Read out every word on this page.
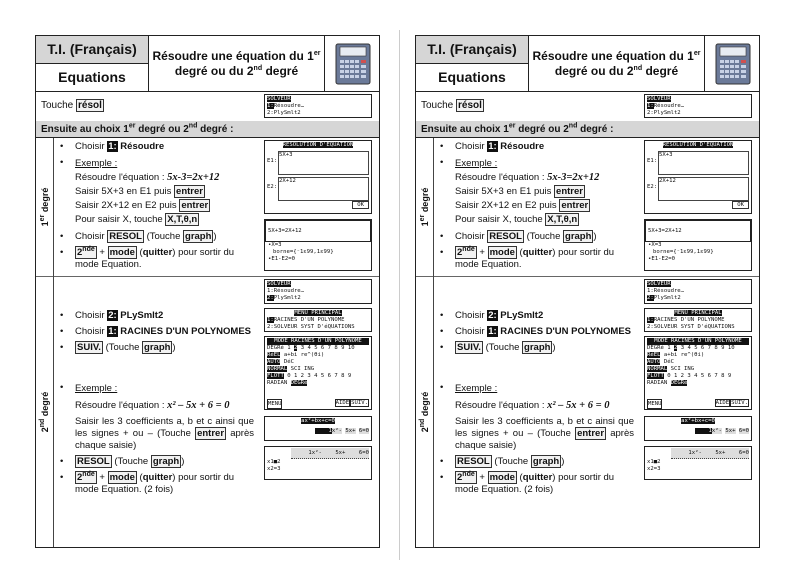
T.I. (Français)
Equations
Résoudre une équation du 1er
degré ou du 2nd degré
Touche résol
SOLVEUR
1:Résoudre…
2:PlySmlt2
Ensuite au choix 1er degré ou 2nd degré :
1er degré
• Choisir 1: Résoudre
• Exemple :
Résoudre l'équation : 5x-3=2x+12
Saisir 5X+3 en E1 puis entrer
Saisir 2X+12 en E2 puis entrer
Pour saisir X, touche X,T,θ,n
• Choisir RESOL (Touche graph )
• 2nde + mode (quitter) pour sortir du mode Equation.
RESOLUTION D'EQUATION
E1:
5X+3
E2:
2X+12
OK
5X+3=2X+12
•X=3
borne={⁻1ε99,1ε99}
•E1-E2=0
2nd degré
• Choisir 2: PLySmlt2
• Choisir 1: RACINES D'UN POLYNOMES
• SUIV. (Touche graph )
• Exemple :
Résoudre l'équation : x² – 5x + 6 = 0
Saisir les 3 coefficients a, b et c ainsi que les signes + ou – (Touche entrer après chaque saisie)
• RESOL (Touche graph )
• 2nde + mode (quitter) pour sortir du mode Equation. (2 fois)
SOLVEUR
1:Résoudre…
2:PlySmlt2
MENU PRINCIPAL
1:RACINES D'UN POLYNOME
2:SOLVEUR SYST D'éQUATIONS
MODE RACINES D'UN POLYNOME
DEGRé 1 2 3 4 5 6 7 8 9 10
RéEL a+bi re^(θi)
AUTO DéC
NORMAL SCI ING
FLOTT 0 1 2 3 4 5 6 7 8 9
RADIAN DEGRé
MENU	AIDE SUIV.
ax²+bx+c=0
1x²- 5x+ 6=0
1x²-    5x+    6=0
x1■2
x2=3
T.I. (Français)
Equations
Résoudre une équation du 1er
degré ou du 2nd degré
Touche résol
SOLVEUR
1:Résoudre…
2:PlySmlt2
Ensuite au choix 1er degré ou 2nd degré :
1er degré
• Choisir 1: Résoudre
• Exemple :
Résoudre l'équation : 5x-3=2x+12
Saisir 5X+3 en E1 puis entrer
Saisir 2X+12 en E2 puis entrer
Pour saisir X, touche X,T,θ,n
• Choisir RESOL (Touche graph )
• 2nde + mode (quitter) pour sortir du mode Equation.
RESOLUTION D'EQUATION
E1:
5X+3
E2:
2X+12
OK
5X+3=2X+12
•X=3
borne={⁻1ε99,1ε99}
•E1-E2=0
2nd degré
• Choisir 2: PLySmlt2
• Choisir 1: RACINES D'UN POLYNOMES
• SUIV. (Touche graph )
• Exemple :
Résoudre l'équation : x² – 5x + 6 = 0
Saisir les 3 coefficients a, b et c ainsi que les signes + ou – (Touche entrer après chaque saisie)
• RESOL (Touche graph )
• 2nde + mode (quitter) pour sortir du mode Equation. (2 fois)
SOLVEUR
1:Résoudre…
2:PlySmlt2
MENU PRINCIPAL
1:RACINES D'UN POLYNOME
2:SOLVEUR SYST D'éQUATIONS
MODE RACINES D'UN POLYNOME
DEGRé 1 2 3 4 5 6 7 8 9 10
RéEL a+bi re^(θi)
AUTO DéC
NORMAL SCI ING
FLOTT 0 1 2 3 4 5 6 7 8 9
RADIAN DEGRé
MENU	AIDE SUIV.
ax²+bx+c=0
1x²- 5x+ 6=0
1x²-    5x+    6=0
x1■2
x2=3
